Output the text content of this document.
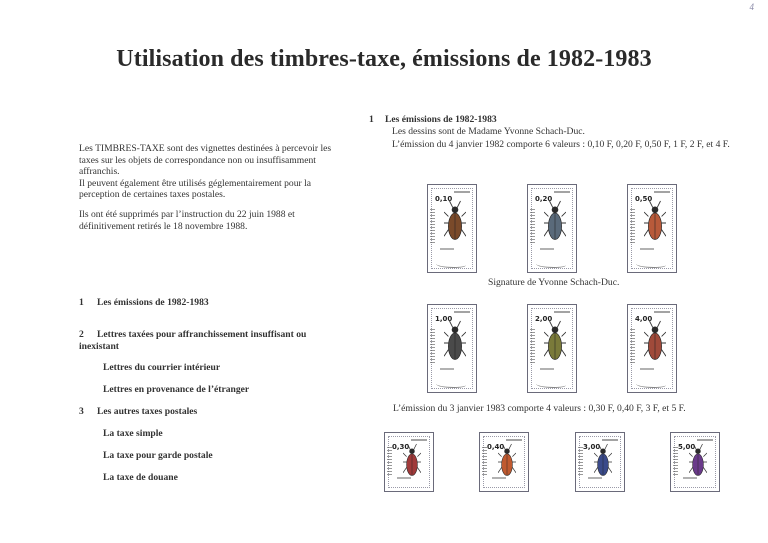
4
Utilisation des timbres-taxe, émissions de 1982-1983

Les TIMBRES-TAXE sont des vignettes destinées à percevoir les taxes sur les objets de correspondance non ou insuffisamment affranchis.

Il peuvent également être utilisés géglementairement pour la perception de certaines taxes postales.

Ils ont été supprimés par l’instruction du 22 juin 1988 et définitivement retirés le 18 novembre 1988.

1 Les émissions de 1982-1983
2 Lettres taxées pour affranchissement insuffisant ou inexistant
Lettres du courrier intérieur
Lettres en provenance de l’étranger
3 Les autres taxes postales
La taxe simple
La taxe pour garde postale
La taxe de douane
1 Les émissions de 1982-1983
Les dessins sont de Madame Yvonne Schach-Duc.
L’émission du 4 janvier 1982 comporte 6 valeurs : 0,10 F, 0,20 F, 0,50 F, 1 F, 2 F, et 4 F.
0,10	0,20	0,50
1,00	2,00	4,00
Signature de Yvonne Schach-Duc.
L’émission du 3 janvier 1983 comporte 4 valeurs : 0,30 F, 0,40 F, 3 F, et 5 F.
0,30	0,40	3,00	5,00
